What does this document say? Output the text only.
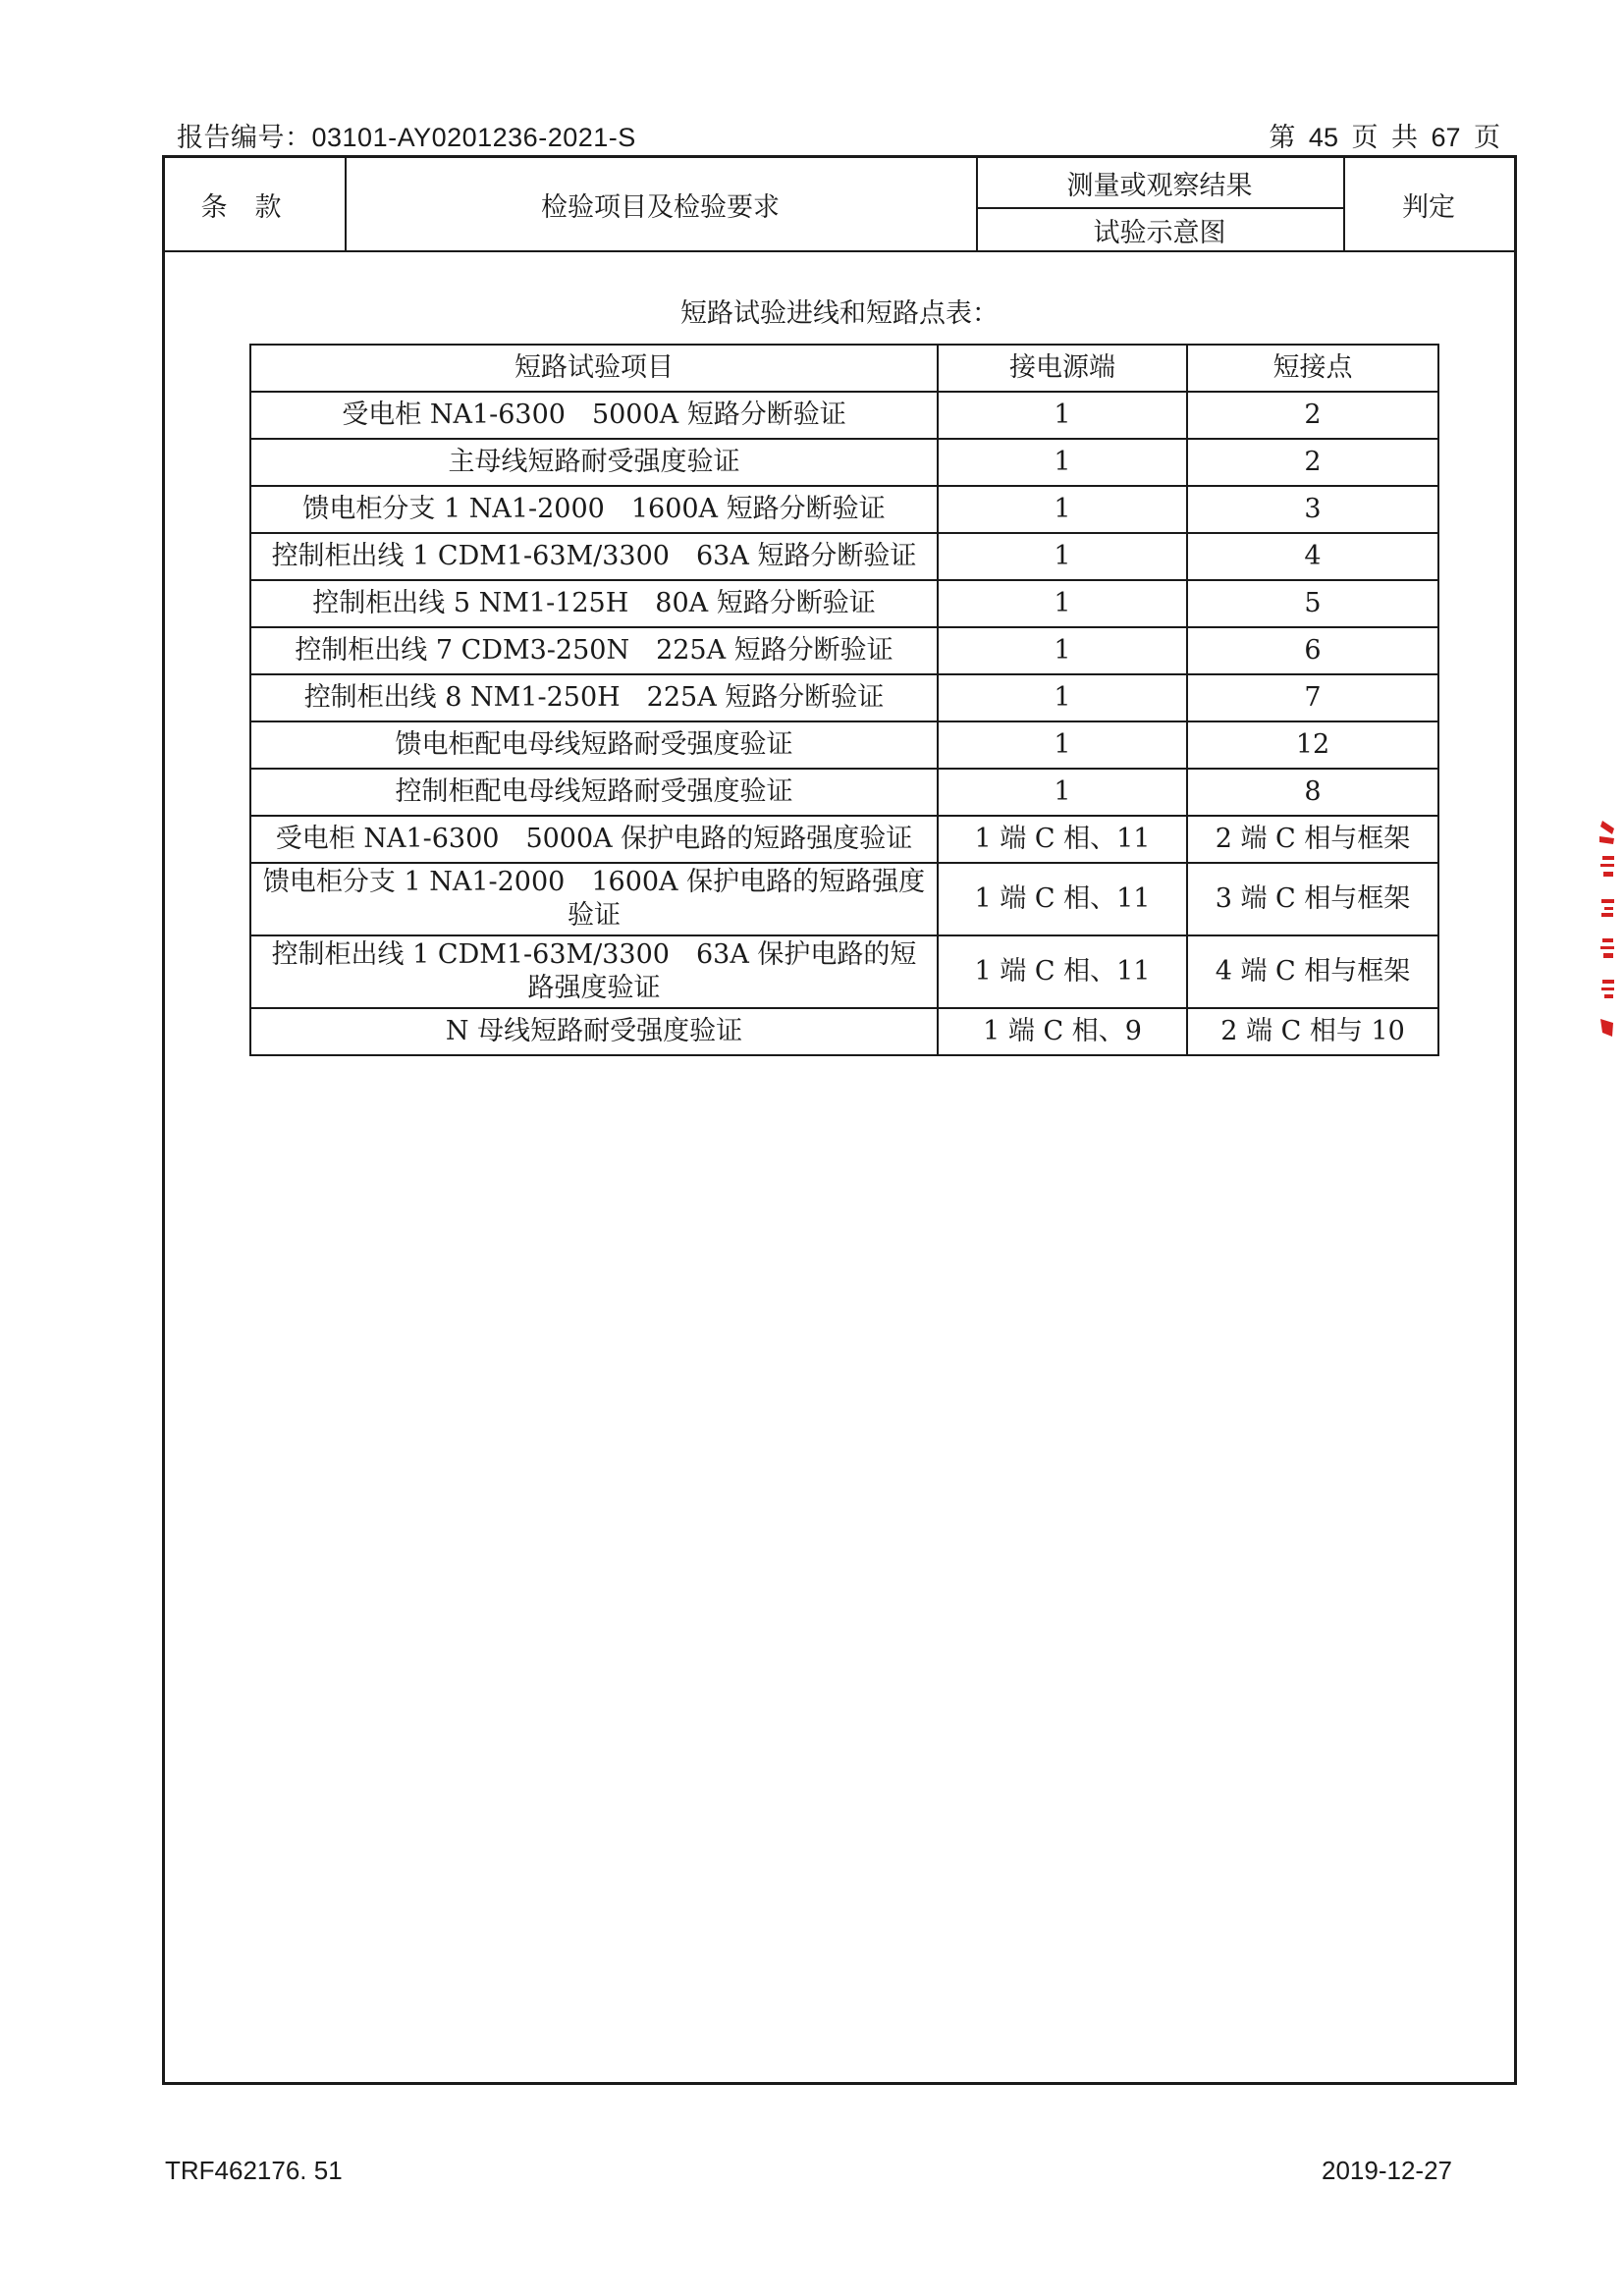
报告编号：03101-AY0201236-2021-S	第 45 页 共 67 页
条款	检验项目及检验要求
测量或观察结果
试验示意图
判定
短路试验进线和短路点表：
短路试验项目	接电源端	短接点
受电柜 NA1-6300　5000A 短路分断验证	1	2
主母线短路耐受强度验证	1	2
馈电柜分支 1 NA1-2000　1600A 短路分断验证	1	3
控制柜出线 1 CDM1-63M/3300　63A 短路分断验证	1	4
控制柜出线 5 NM1-125H　80A 短路分断验证	1	5
控制柜出线 7 CDM3-250N　225A 短路分断验证	1	6
控制柜出线 8 NM1-250H　225A 短路分断验证	1	7
馈电柜配电母线短路耐受强度验证	1	12
控制柜配电母线短路耐受强度验证	1	8
受电柜 NA1-6300　5000A 保护电路的短路强度验证	1 端 C 相、11	2 端 C 相与框架
馈电柜分支 1 NA1-2000　1600A 保护电路的短路强度验证	1 端 C 相、11	3 端 C 相与框架
控制柜出线 1 CDM1-63M/3300　63A 保护电路的短路强度验证	1 端 C 相、11	4 端 C 相与框架
N 母线短路耐受强度验证	1 端 C 相、9	2 端 C 相与 10
TRF462176. 51	2019-12-27
